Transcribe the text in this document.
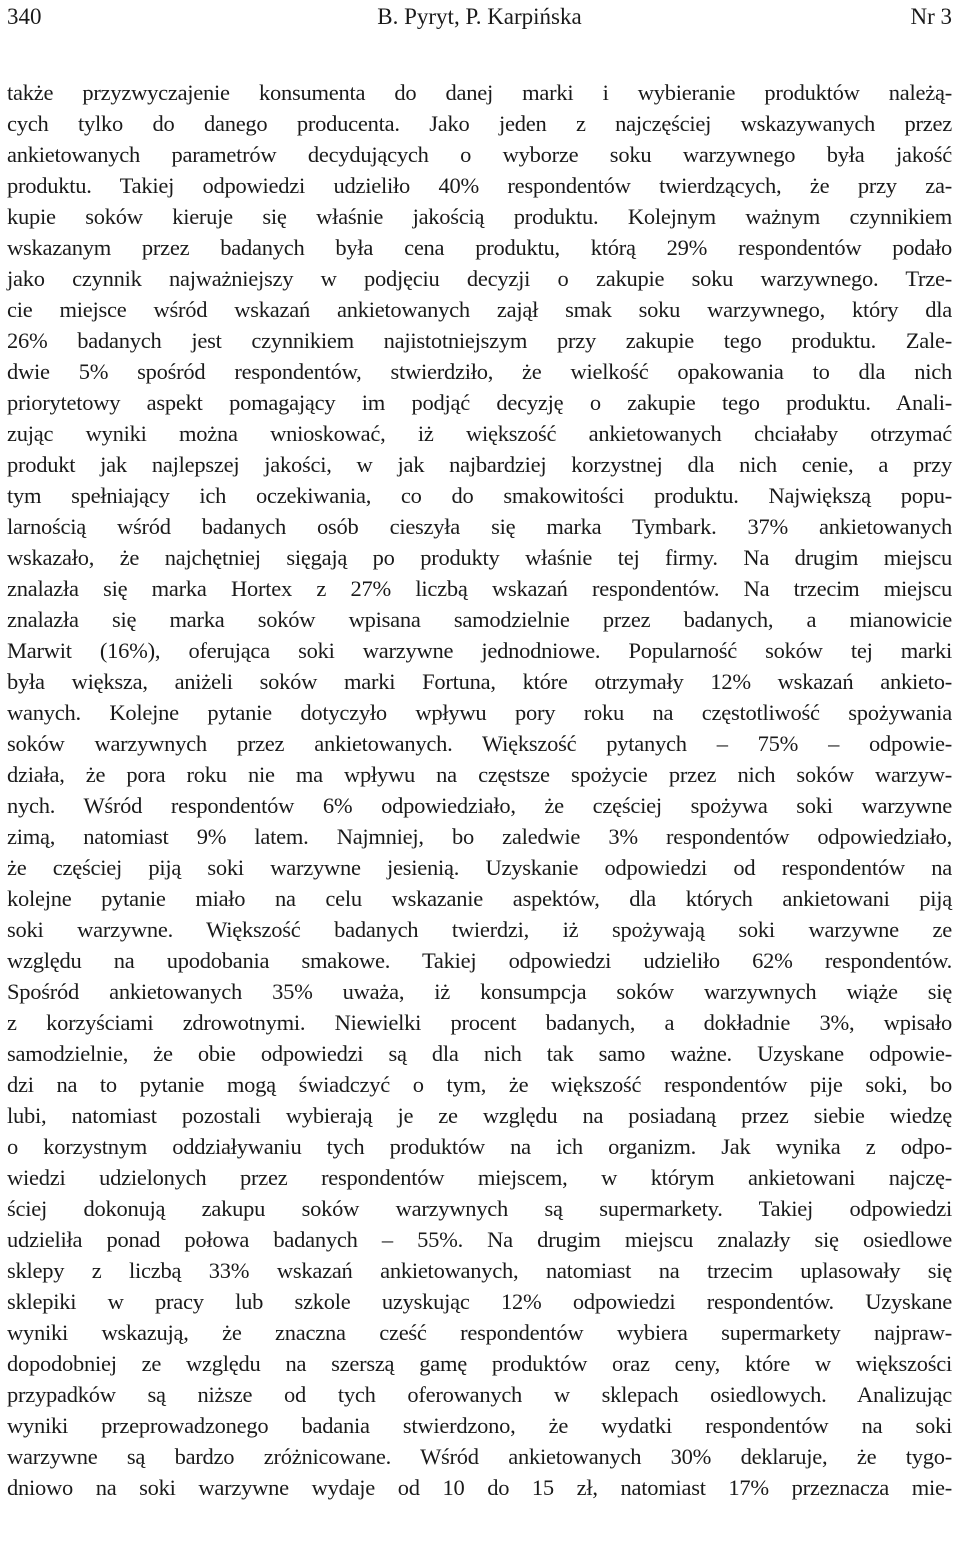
340	B. Pyryt, P. Karpińska	Nr 3
także przyzwyczajenie konsumenta do danej marki i wybieranie produktów należą-
cych tylko do danego producenta. Jako jeden z najczęściej wskazywanych przez
ankietowanych parametrów decydujących o wyborze soku warzywnego była jakość
produktu. Takiej odpowiedzi udzieliło 40% respondentów twierdzących, że przy za-
kupie soków kieruje się właśnie jakością produktu. Kolejnym ważnym czynnikiem
wskazanym przez badanych była cena produktu, którą 29% respondentów podało
jako czynnik najważniejszy w podjęciu decyzji o zakupie soku warzywnego. Trze-
cie miejsce wśród wskazań ankietowanych zajął smak soku warzywnego, który dla
26% badanych jest czynnikiem najistotniejszym przy zakupie tego produktu. Zale-
dwie 5% spośród respondentów, stwierdziło, że wielkość opakowania to dla nich
priorytetowy aspekt pomagający im podjąć decyzję o zakupie tego produktu. Anali-
zując wyniki można wnioskować, iż większość ankietowanych chciałaby otrzymać
produkt jak najlepszej jakości, w jak najbardziej korzystnej dla nich cenie, a przy
tym spełniający ich oczekiwania, co do smakowitości produktu. Największą popu-
larnością wśród badanych osób cieszyła się marka Tymbark. 37% ankietowanych
wskazało, że najchętniej sięgają po produkty właśnie tej firmy. Na drugim miejscu
znalazła się marka Hortex z 27% liczbą wskazań respondentów. Na trzecim miejscu
znalazła się marka soków wpisana samodzielnie przez badanych, a mianowicie
Marwit (16%), oferująca soki warzywne jednodniowe. Popularność soków tej marki
była większa, aniżeli soków marki Fortuna, które otrzymały 12% wskazań ankieto-
wanych. Kolejne pytanie dotyczyło wpływu pory roku na częstotliwość spożywania
soków warzywnych przez ankietowanych. Większość pytanych – 75% – odpowie-
działa, że pora roku nie ma wpływu na częstsze spożycie przez nich soków warzyw-
nych. Wśród respondentów 6% odpowiedziało, że częściej spożywa soki warzywne
zimą, natomiast 9% latem. Najmniej, bo zaledwie 3% respondentów odpowiedziało,
że częściej piją soki warzywne jesienią. Uzyskanie odpowiedzi od respondentów na
kolejne pytanie miało na celu wskazanie aspektów, dla których ankietowani piją
soki warzywne. Większość badanych twierdzi, iż spożywają soki warzywne ze
względu na upodobania smakowe. Takiej odpowiedzi udzieliło 62% respondentów.
Spośród ankietowanych 35% uważa, iż konsumpcja soków warzywnych wiąże się
z korzyściami zdrowotnymi. Niewielki procent badanych, a dokładnie 3%, wpisało
samodzielnie, że obie odpowiedzi są dla nich tak samo ważne. Uzyskane odpowie-
dzi na to pytanie mogą świadczyć o tym, że większość respondentów pije soki, bo
lubi, natomiast pozostali wybierają je ze względu na posiadaną przez siebie wiedzę
o korzystnym oddziaływaniu tych produktów na ich organizm. Jak wynika z odpo-
wiedzi udzielonych przez respondentów miejscem, w którym ankietowani najczę-
ściej dokonują zakupu soków warzywnych są supermarkety. Takiej odpowiedzi
udzieliła ponad połowa badanych – 55%. Na drugim miejscu znalazły się osiedlowe
sklepy z liczbą 33% wskazań ankietowanych, natomiast na trzecim uplasowały się
sklepiki w pracy lub szkole uzyskując 12% odpowiedzi respondentów. Uzyskane
wyniki wskazują, że znaczna cześć respondentów wybiera supermarkety najpraw-
dopodobniej ze względu na szerszą gamę produktów oraz ceny, które w większości
przypadków są niższe od tych oferowanych w sklepach osiedlowych. Analizując
wyniki przeprowadzonego badania stwierdzono, że wydatki respondentów na soki
warzywne są bardzo zróżnicowane. Wśród ankietowanych 30% deklaruje, że tygo-
dniowo na soki warzywne wydaje od 10 do 15 zł, natomiast 17% przeznacza mie-
